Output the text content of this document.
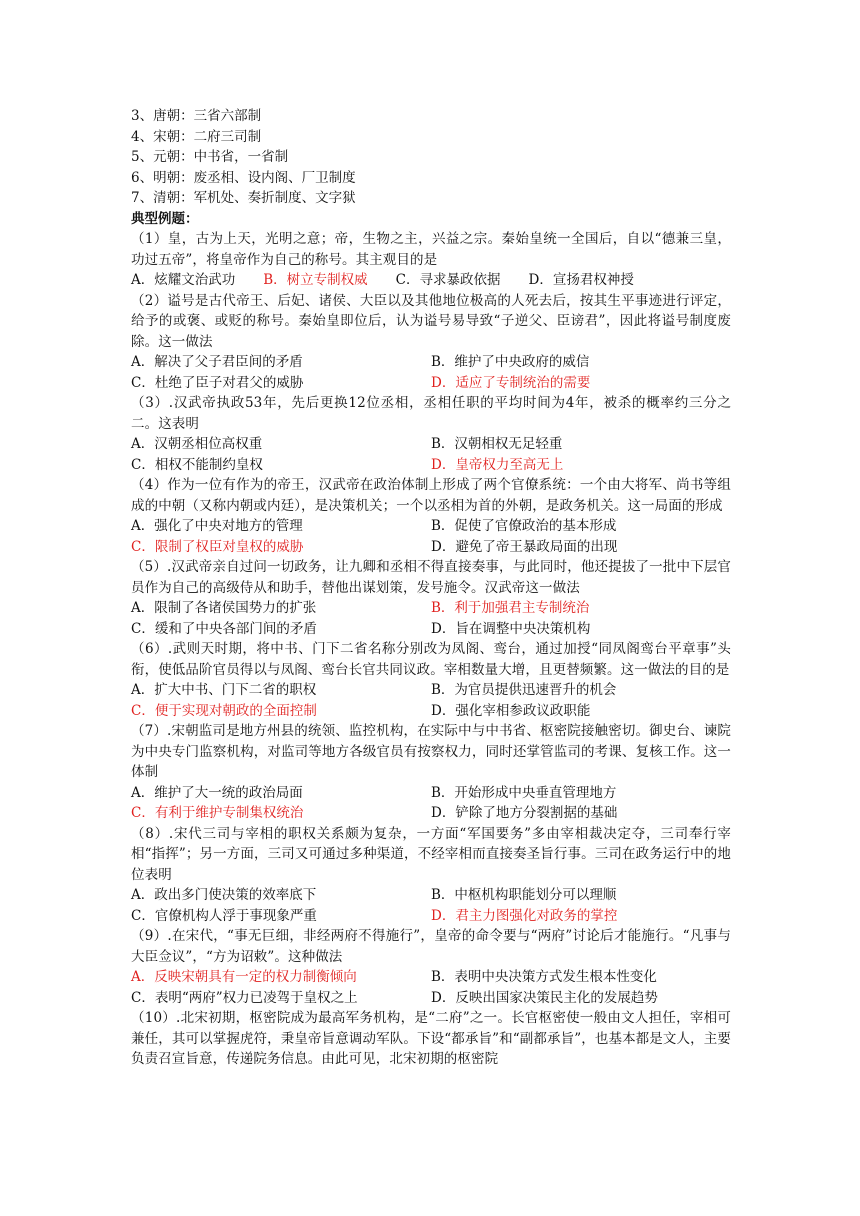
3、唐朝：三省六部制
4、宋朝：二府三司制
5、元朝：中书省，一省制
6、明朝：废丞相、设内阁、厂卫制度
7、清朝：军机处、奏折制度、文字狱
典型例题：
（1）皇，古为上天，光明之意；帝，生物之主，兴益之宗。秦始皇统一全国后，自以“德兼三皇，功过五帝”，将皇帝作为自己的称号。其主观目的是
A．炫耀文治武功 B．树立专制权威 C．寻求暴政依据 D．宣扬君权神授
（2）谥号是古代帝王、后妃、诸侯、大臣以及其他地位极高的人死去后，按其生平事迹进行评定，给予的或褒、或贬的称号。秦始皇即位后，认为谥号易导致“子逆父、臣谤君”，因此将谥号制度废除。这一做法
A．解决了父子君臣间的矛盾	B．维护了中央政府的威信
C．杜绝了臣子对君父的威胁	D．适应了专制统治的需要
（3）.汉武帝执政53年，先后更换12位丞相，丞相任职的平均时间为4年，被杀的概率约三分之二。这表明
A．汉朝丞相位高权重	B．汉朝相权无足轻重
C．相权不能制约皇权	D．皇帝权力至高无上
（4）作为一位有作为的帝王，汉武帝在政治体制上形成了两个官僚系统：一个由大将军、尚书等组成的中朝（又称内朝或内廷），是决策机关；一个以丞相为首的外朝，是政务机关。这一局面的形成
A．强化了中央对地方的管理	B．促使了官僚政治的基本形成
C．限制了权臣对皇权的威胁	D．避免了帝王暴政局面的出现
（5）.汉武帝亲自过问一切政务，让九卿和丞相不得直接奏事，与此同时，他还提拔了一批中下层官员作为自己的高级侍从和助手，替他出谋划策，发号施令。汉武帝这一做法
A．限制了各诸侯国势力的扩张	B．利于加强君主专制统治
C．缓和了中央各部门间的矛盾	D．旨在调整中央决策机构
（6）.武则天时期，将中书、门下二省名称分别改为凤阁、鸾台，通过加授“同凤阁鸾台平章事”头衔，使低品阶官员得以与凤阁、鸾台长官共同议政。宰相数量大增，且更替频繁。这一做法的目的是
A．扩大中书、门下二省的职权	B．为官员提供迅速晋升的机会
C．便于实现对朝政的全面控制	D．强化宰相参政议政职能
（7）.宋朝监司是地方州县的统领、监控机构，在实际中与中书省、枢密院接触密切。御史台、谏院为中央专门监察机构，对监司等地方各级官员有按察权力，同时还掌管监司的考课、复核工作。这一体制
A．维护了大一统的政治局面	B．开始形成中央垂直管理地方
C．有利于维护专制集权统治	D．铲除了地方分裂割据的基础
（8）.宋代三司与宰相的职权关系颇为复杂，一方面“军国要务”多由宰相裁决定夺，三司奉行宰相“指挥”；另一方面，三司又可通过多种渠道，不经宰相而直接奏圣旨行事。三司在政务运行中的地位表明
A．政出多门使决策的效率底下	B．中枢机构职能划分可以理顺
C．官僚机构人浮于事现象严重	D．君主力图强化对政务的掌控
（9）.在宋代，“事无巨细，非经两府不得施行”，皇帝的命令要与“两府”讨论后才能施行。“凡事与大臣佥议”，“方为诏敕”。这种做法
A．反映宋朝具有一定的权力制衡倾向	B．表明中央决策方式发生根本性变化
C．表明“两府”权力已凌驾于皇权之上	D．反映出国家决策民主化的发展趋势
（10）.北宋初期，枢密院成为最高军务机构，是“二府”之一。长官枢密使一般由文人担任，宰相可兼任，其可以掌握虎符，秉皇帝旨意调动军队。下设“都承旨”和“副都承旨”，也基本都是文人，主要负责召宣旨意，传递院务信息。由此可见，北宋初期的枢密院
